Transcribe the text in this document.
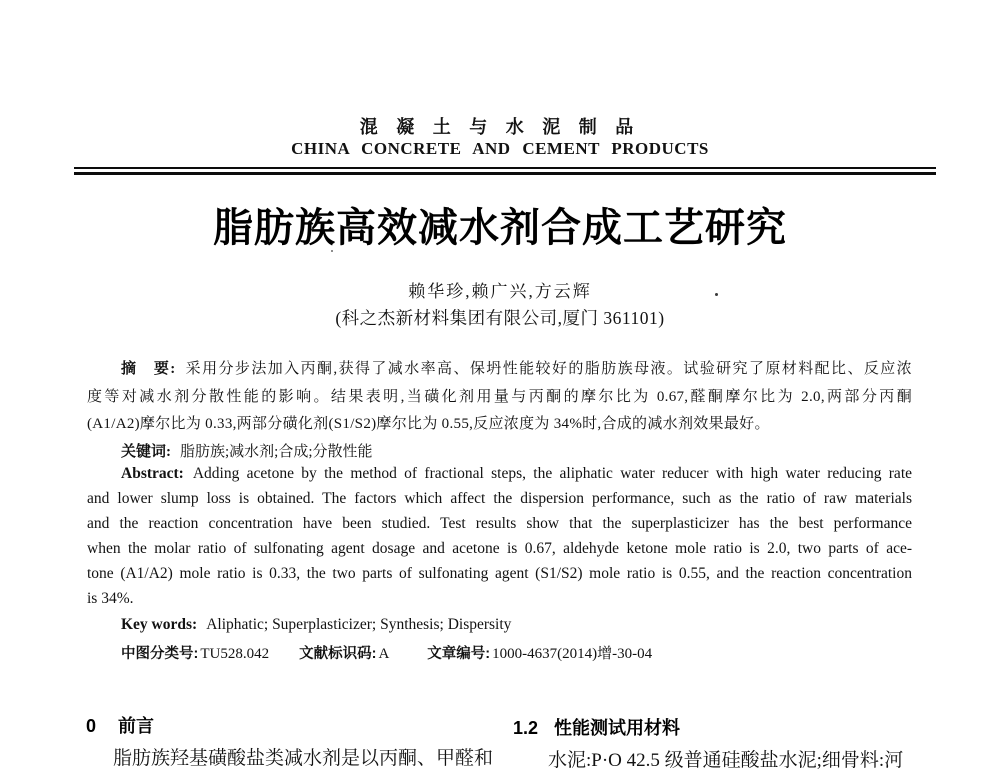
混 凝 土 与 水 泥 制 品
CHINA CONCRETE AND CEMENT PRODUCTS
脂肪族高效减水剂合成工艺研究
赖华珍,赖广兴,方云辉
(科之杰新材料集团有限公司,厦门 361101)
摘　要: 采用分步法加入丙酮,获得了减水率高、保坍性能较好的脂肪族母液。试验研究了原材料配比、反应浓
度等对减水剂分散性能的影响。结果表明,当磺化剂用量与丙酮的摩尔比为 0.67,醛酮摩尔比为 2.0,两部分丙酮
(A1/A2)摩尔比为 0.33,两部分磺化剂(S1/S2)摩尔比为 0.55,反应浓度为 34%时,合成的减水剂效果最好。
关键词: 脂肪族;减水剂;合成;分散性能
Abstract: Adding acetone by the method of fractional steps, the aliphatic water reducer with high water reducing rate
and lower slump loss is obtained. The factors which affect the dispersion performance, such as the ratio of raw materials
and the reaction concentration have been studied. Test results show that the superplasticizer has the best performance
when the molar ratio of sulfonating agent dosage and acetone is 0.67, aldehyde ketone mole ratio is 2.0, two parts of ace-
tone (A1/A2) mole ratio is 0.33, the two parts of sulfonating agent (S1/S2) mole ratio is 0.55, and the reaction concentration
is 34%.
Key words: Aliphatic; Superplasticizer; Synthesis; Dispersity
中图分类号: TU528.042 文献标识码: A	文章编号: 1000-4637(2014)增-30-04
0 前言
脂肪族羟基磺酸盐类减水剂是以丙酮、甲醛和
1.2 性能测试用材料
水泥:P·O 42.5 级普通硅酸盐水泥;细骨料:河
